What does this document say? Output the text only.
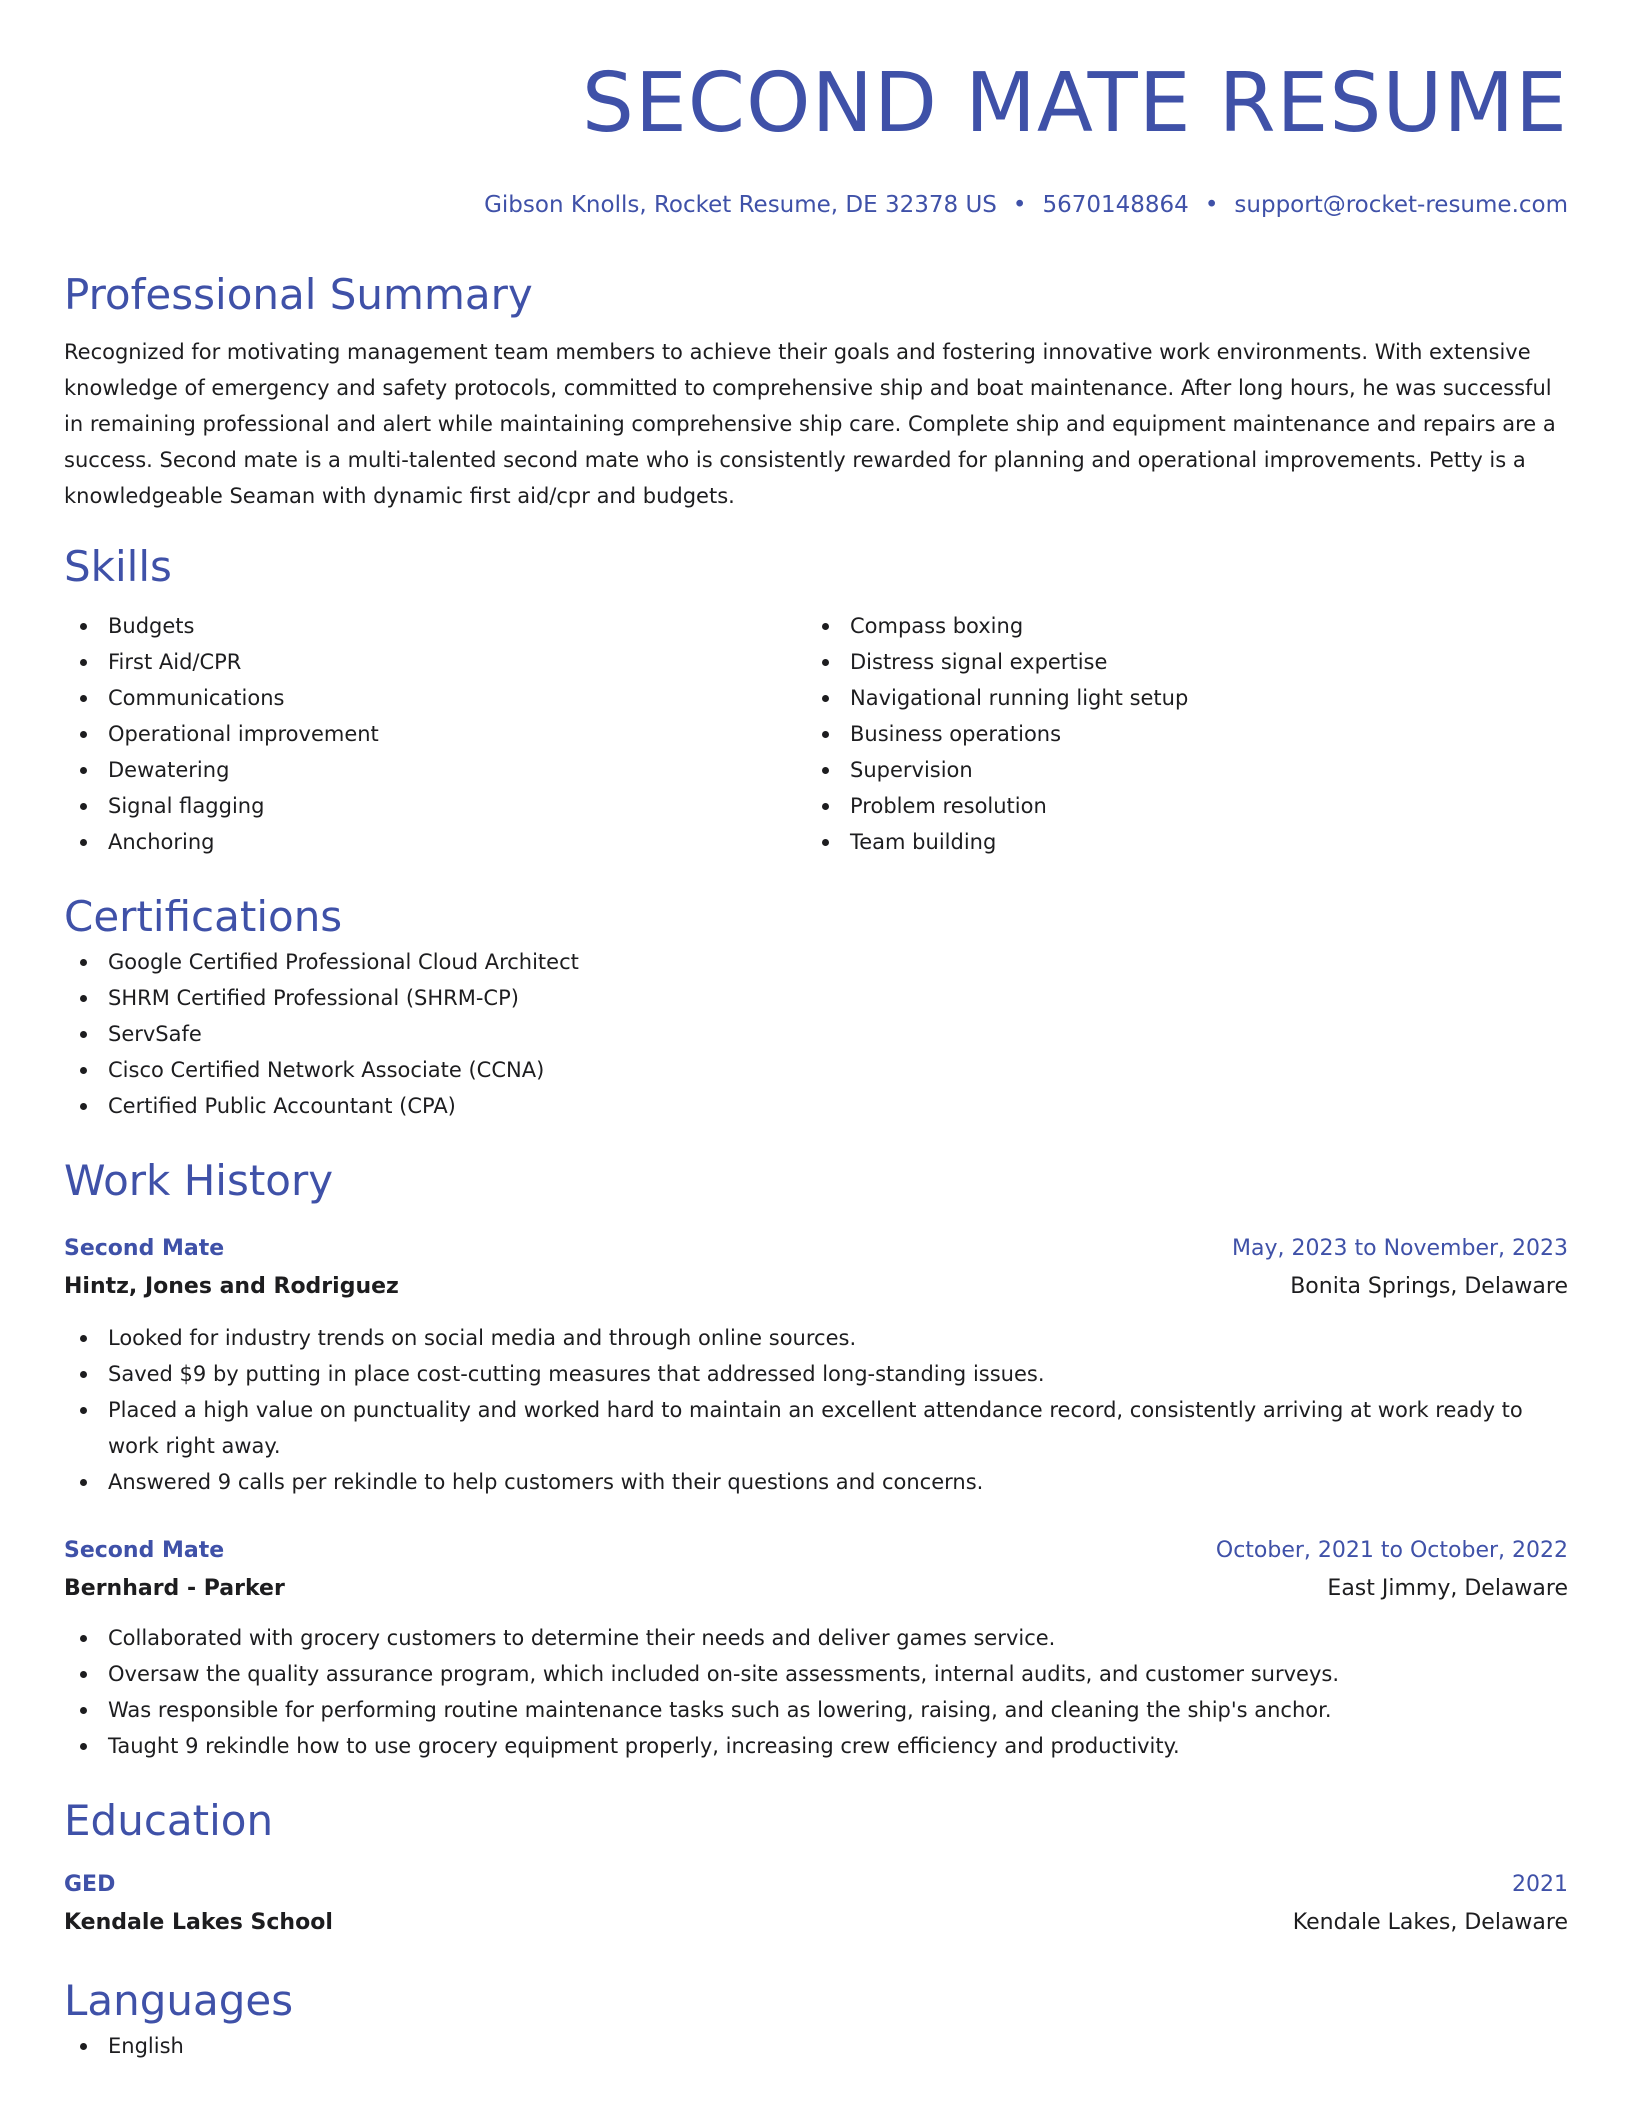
SECOND MATE RESUME
Gibson Knolls, Rocket Resume, DE 32378 US • 5670148864 • support@rocket-resume.com
Professional Summary

Recognized for motivating management team members to achieve their goals and fostering innovative work environments. With extensive knowledge of emergency and safety protocols, committed to comprehensive ship and boat maintenance. After long hours, he was successful in remaining professional and alert while maintaining comprehensive ship care. Complete ship and equipment maintenance and repairs are a success. Second mate is a multi-talented second mate who is consistently rewarded for planning and operational improvements. Petty is a knowledgeable Seaman with dynamic first aid/cpr and budgets.

Skills
Budgets
First Aid/CPR
Communications
Operational improvement
Dewatering
Signal flagging
Anchoring
Compass boxing
Distress signal expertise
Navigational running light setup
Business operations
Supervision
Problem resolution
Team building
Certifications
Google Certified Professional Cloud Architect
SHRM Certified Professional (SHRM-CP)
ServSafe
Cisco Certified Network Associate (CCNA)
Certified Public Accountant (CPA)
Work History
Second Mate	May, 2023 to November, 2023
Hintz, Jones and Rodriguez	Bonita Springs, Delaware
Looked for industry trends on social media and through online sources.
Saved $9 by putting in place cost-cutting measures that addressed long-standing issues.
Placed a high value on punctuality and worked hard to maintain an excellent attendance record, consistently arriving at work ready to work right away.
Answered 9 calls per rekindle to help customers with their questions and concerns.
Second Mate	October, 2021 to October, 2022
Bernhard - Parker	East Jimmy, Delaware
Collaborated with grocery customers to determine their needs and deliver games service.
Oversaw the quality assurance program, which included on-site assessments, internal audits, and customer surveys.
Was responsible for performing routine maintenance tasks such as lowering, raising, and cleaning the ship's anchor.
Taught 9 rekindle how to use grocery equipment properly, increasing crew efficiency and productivity.
Education
GED	2021
Kendale Lakes School	Kendale Lakes, Delaware
Languages
English
